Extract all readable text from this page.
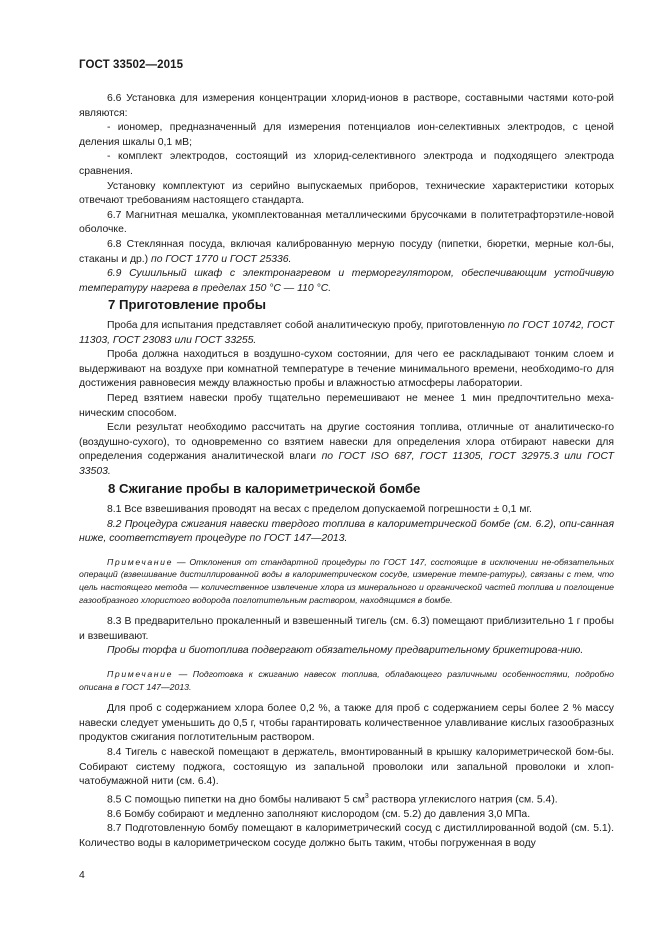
ГОСТ 33502—2015

6.6 Установка для измерения концентрации хлорид-ионов в растворе, составными частями кото-рой являются:

- иономер, предназначенный для измерения потенциалов ион-селективных электродов, с ценой деления шкалы 0,1 мВ;

- комплект электродов, состоящий из хлорид-селективного электрода и подходящего электрода сравнения.

Установку комплектуют из серийно выпускаемых приборов, технические характеристики которых отвечают требованиям настоящего стандарта.

6.7 Магнитная мешалка, укомплектованная металлическими брусочками в политетрафторэтиле-новой оболочке.

6.8 Стеклянная посуда, включая калиброванную мерную посуду (пипетки, бюретки, мерные кол-бы, стаканы и др.) по ГОСТ 1770 и ГОСТ 25336.

6.9 Сушильный шкаф с электронагревом и терморегулятором, обеспечивающим устойчивую температуру нагрева в пределах 150 °С — 110 °С.

7 Приготовление пробы

Проба для испытания представляет собой аналитическую пробу, приготовленную по ГОСТ 10742, ГОСТ 11303, ГОСТ 23083 или ГОСТ 33255.

Проба должна находиться в воздушно-сухом состоянии, для чего ее раскладывают тонким слоем и выдерживают на воздухе при комнатной температуре в течение минимального времени, необходимо-го для достижения равновесия между влажностью пробы и влажностью атмосферы лаборатории.

Перед взятием навески пробу тщательно перемешивают не менее 1 мин предпочтительно меха-ническим способом.

Если результат необходимо рассчитать на другие состояния топлива, отличные от аналитическо-го (воздушно-сухого), то одновременно со взятием навески для определения хлора отбирают навески для определения содержания аналитической влаги по ГОСТ ISO 687, ГОСТ 11305, ГОСТ 32975.3 или ГОСТ 33503.

8 Сжигание пробы в калориметрической бомбе

8.1 Все взвешивания проводят на весах с пределом допускаемой погрешности ± 0,1 мг.

8.2 Процедура сжигания навески твердого топлива в калориметрической бомбе (см. 6.2), опи-санная ниже, соответствует процедуре по ГОСТ 147—2013.

Примечание — Отклонения от стандартной процедуры по ГОСТ 147, состоящие в исключении не-обязательных операций (взвешивание дистиллированной воды в калориметрическом сосуде, измерение темпе-ратуры), связаны с тем, что цель настоящего метода — количественное извлечение хлора из минерального и органической частей топлива и поглощение газообразного хлористого водорода поглотительным раствором, находящимся в бомбе.

8.3 В предварительно прокаленный и взвешенный тигель (см. 6.3) помещают приблизительно 1 г пробы и взвешивают.

Пробы торфа и биотоплива подвергают обязательному предварительному брикетирова-нию.

Примечание — Подготовка к сжиганию навесок топлива, обладающего различными особенностями, подробно описана в ГОСТ 147—2013.

Для проб с содержанием хлора более 0,2 %, а также для проб с содержанием серы более 2 % массу навески следует уменьшить до 0,5 г, чтобы гарантировать количественное улавливание кислых газообразных продуктов сжигания поглотительным раствором.

8.4 Тигель с навеской помещают в держатель, вмонтированный в крышку калориметрической бом-бы. Собирают систему поджога, состоящую из запальной проволоки или запальной проволоки и хлоп-чатобумажной нити (см. 6.4).

8.5 С помощью пипетки на дно бомбы наливают 5 $см^3$ раствора углекислого натрия (см. 5.4).

8.6 Бомбу собирают и медленно заполняют кислородом (см. 5.2) до давления 3,0 МПа.

8.7 Подготовленную бомбу помещают в калориметрический сосуд с дистиллированной водой (см. 5.1). Количество воды в калориметрическом сосуде должно быть таким, чтобы погруженная в воду

4
